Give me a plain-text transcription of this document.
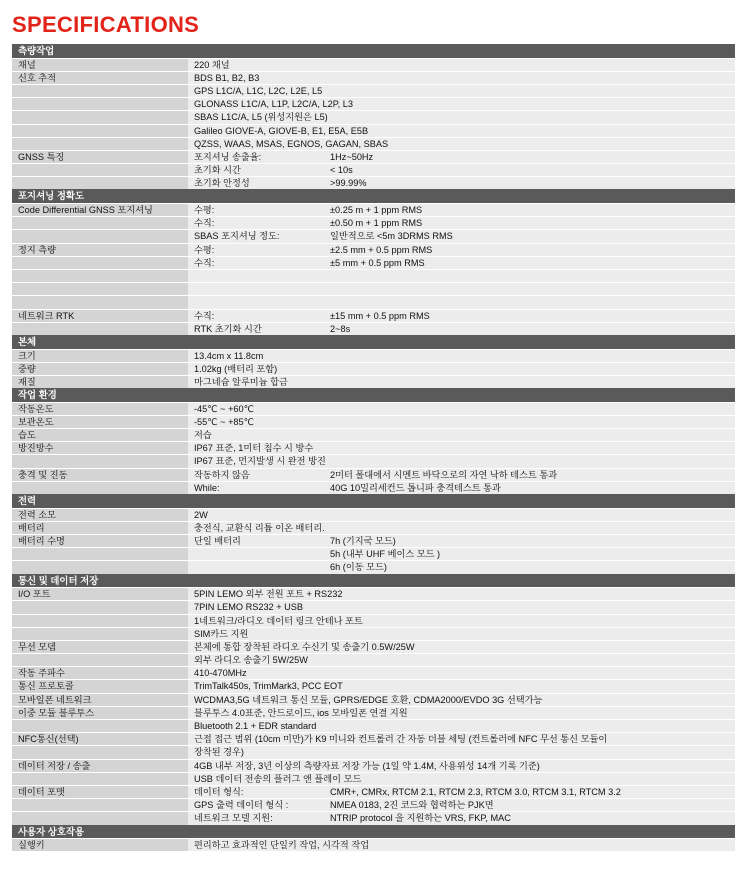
SPECIFICATIONS
측량작업
채널	220 채널
신호 추적	BDS B1, B2, B3
GPS L1C/A, L1C, L2C, L2E, L5
GLONASS L1C/A, L1P, L2C/A, L2P, L3
SBAS L1C/A, L5 (위성지원은 L5)
Galileo GIOVE-A, GIOVE-B, E1, E5A, E5B
QZSS, WAAS, MSAS, EGNOS, GAGAN, SBAS
GNSS 특징	포지셔닝 송출율:	1Hz~50Hz
초기화 시간	< 10s
초기화 안정성	>99.99%
포지셔닝 정확도
Code Differential GNSS 포지셔닝	수평:	±0.25 m + 1 ppm RMS
수직:	±0.50 m + 1 ppm RMS
SBAS 포지셔닝 정도:	일반적으로 <5m 3DRMS RMS
정지 측량	수평:	±2.5 mm + 0.5 ppm RMS
수직:	±5 mm + 0.5 ppm RMS
네트워크 RTK	수직:	±15 mm + 0.5 ppm RMS
RTK 초기화 시간	2~8s
본체
크기	13.4cm x 11.8cm
중량	1.02kg (배터리 포함)
재질	마그네슘 알루미늄 합금
작업 환경
작동온도	-45℃ ~ +60℃
보관온도	-55℃ ~ +85℃
습도	저습
방진방수	IP67 표준, 1미터 침수 시 방수
IP67 표준, 먼지발생 시 완전 방진
충격 및 진동	작동하지 않음	2미터 폴대에서 시멘트 바닥으로의 자연 낙하 테스트 통과
While:	40G 10밀리세컨드 톱니파 충격테스트 통과
전력
전력 소모	2W
배터리	충전식, 교환식 리튬 이온 배터리.
배터리 수명	단일 배터리	7h (기지국 모드)
5h (내부 UHF 베이스 모드 )
6h (이동 모드)
통신 및 데이터 저장
I/O 포트	5PIN LEMO 외부 전원 포트 + RS232
7PIN LEMO RS232 + USB
1네트워크/라디오 데이터 링크 안테나 포트
SIM카드 지원
무선 모뎀	본체에 통합 장착된 라디오 수신기 및 송출기 0.5W/25W
외부 라디오 송출기 5W/25W
작동 주파수	410-470MHz
통신 프로토콜	TrimTalk450s, TrimMark3, PCC EOT
모바일폰 네트워크	WCDMA3,5G 네트워크 통신 모듈, GPRS/EDGE 호환, CDMA2000/EVDO 3G 선택가능
이중 모듈 블루투스	블루투스 4.0표준, 안드로이드, ios 모바일폰 연결 지원
Bluetooth 2.1 + EDR standard
NFC통신(선택)	근접 접근 범위 (10cm 미만)가 K9 미니와 컨트롤러 간 자동 더블 세팅 (컨트롤러에 NFC 무선 통신 모듈이
장착된 경우)
데이터 저장 / 송출	4GB 내부 저장, 3년 이상의 측량자료 저장 가능 (1일 약 1.4M, 사용위성 14개 기록 기준)
USB 데이터 전송의 플러그 앤 플레이 모드
데이터 포맷	데이터 형식:	CMR+, CMRx, RTCM 2.1, RTCM 2.3, RTCM 3.0, RTCM 3.1, RTCM 3.2
GPS 출력 데이터 형식 :	NMEA 0183, 2진 코드와 협력하는 PJK면
네트워크 모델 지원:	NTRIP protocol 을 지원하는 VRS, FKP, MAC
사용자 상호작용
실행키	편리하고 효과적인 단일키 작업, 시각적 작업
